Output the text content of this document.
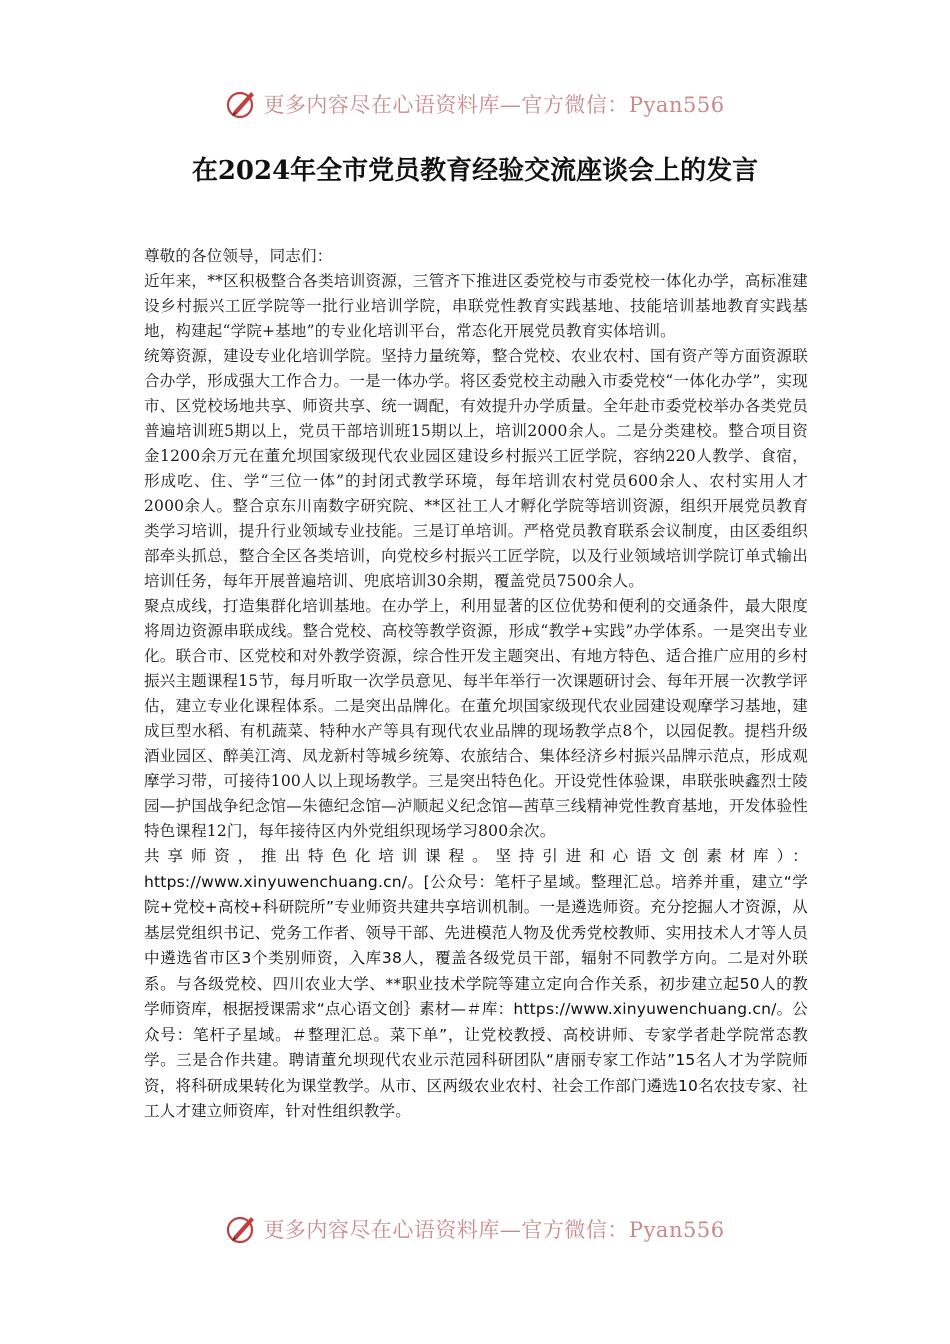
更多内容尽在心语资料库—官方微信：Pyan556
在2024年全市党员教育经验交流座谈会上的发言

尊敬的各位领导，同志们：

近年来，**区积极整合各类培训资源，三管齐下推进区委党校与市委党校一体化办学，高标准建设乡村振兴工匠学院等一批行业培训学院，串联党性教育实践基地、技能培训基地教育实践基地，构建起“学院+基地”的专业化培训平台，常态化开展党员教育实体培训。

统筹资源，建设专业化培训学院。坚持力量统筹，整合党校、农业农村、国有资产等方面资源联合办学，形成强大工作合力。一是一体办学。将区委党校主动融入市委党校“一体化办学”，实现市、区党校场地共享、师资共享、统一调配，有效提升办学质量。全年赴市委党校举办各类党员普遍培训班5期以上，党员干部培训班15期以上，培训2000余人。二是分类建校。整合项目资金1200余万元在董允坝国家级现代农业园区建设乡村振兴工匠学院，容纳220人教学、食宿，形成吃、住、学“三位一体”的封闭式教学环境，每年培训农村党员600余人、农村实用人才2000余人。整合京东川南数字研究院、**区社工人才孵化学院等培训资源，组织开展党员教育类学习培训，提升行业领域专业技能。三是订单培训。严格党员教育联系会议制度，由区委组织部牵头抓总，整合全区各类培训，向党校乡村振兴工匠学院，以及行业领域培训学院订单式输出培训任务，每年开展普遍培训、兜底培训30余期，覆盖党员7500余人。

聚点成线，打造集群化培训基地。在办学上，利用显著的区位优势和便利的交通条件，最大限度将周边资源串联成线。整合党校、高校等教学资源，形成“教学+实践”办学体系。一是突出专业化。联合市、区党校和对外教学资源，综合性开发主题突出、有地方特色、适合推广应用的乡村振兴主题课程15节，每月听取一次学员意见、每半年举行一次课题研讨会、每年开展一次教学评估，建立专业化课程体系。二是突出品牌化。在董允坝国家级现代农业园建设观摩学习基地，建成巨型水稻、有机蔬菜、特种水产等具有现代农业品牌的现场教学点8个，以园促教。提档升级酒业园区、醉美江湾、凤龙新村等城乡统筹、农旅结合、集体经济乡村振兴品牌示范点，形成观摩学习带，可接待100人以上现场教学。三是突出特色化。开设党性体验课，串联张映鑫烈士陵园—护国战争纪念馆—朱德纪念馆—泸顺起义纪念馆—茜草三线精神党性教育基地，开发体验性特色课程12门，每年接待区内外党组织现场学习800余次。

共享师资，推出特色化培训课程。坚持引进和心语文创素材库）：https://www.xinyuwenchuang.cn/。[公众号：笔杆子星域。整理汇总。培养并重，建立“学院+党校+高校+科研院所”专业师资共建共享培训机制。一是遴选师资。充分挖掘人才资源，从基层党组织书记、党务工作者、领导干部、先进模范人物及优秀党校教师、实用技术人才等人员中遴选省市区3个类别师资，入库38人，覆盖各级党员干部，辐射不同教学方向。二是对外联系。与各级党校、四川农业大学、**职业技术学院等建立定向合作关系，初步建立起50人的教学师资库，根据授课需求“点心语文创｝素材—＃库：https://www.xinyuwenchuang.cn/。公众号：笔杆子星域。＃整理汇总。菜下单”，让党校教授、高校讲师、专家学者赴学院常态教学。三是合作共建。聘请董允坝现代农业示范园科研团队“唐丽专家工作站”15名人才为学院师资，将科研成果转化为课堂教学。从市、区两级农业农村、社会工作部门遴选10名农技专家、社工人才建立师资库，针对性组织教学。

更多内容尽在心语资料库—官方微信：Pyan556
